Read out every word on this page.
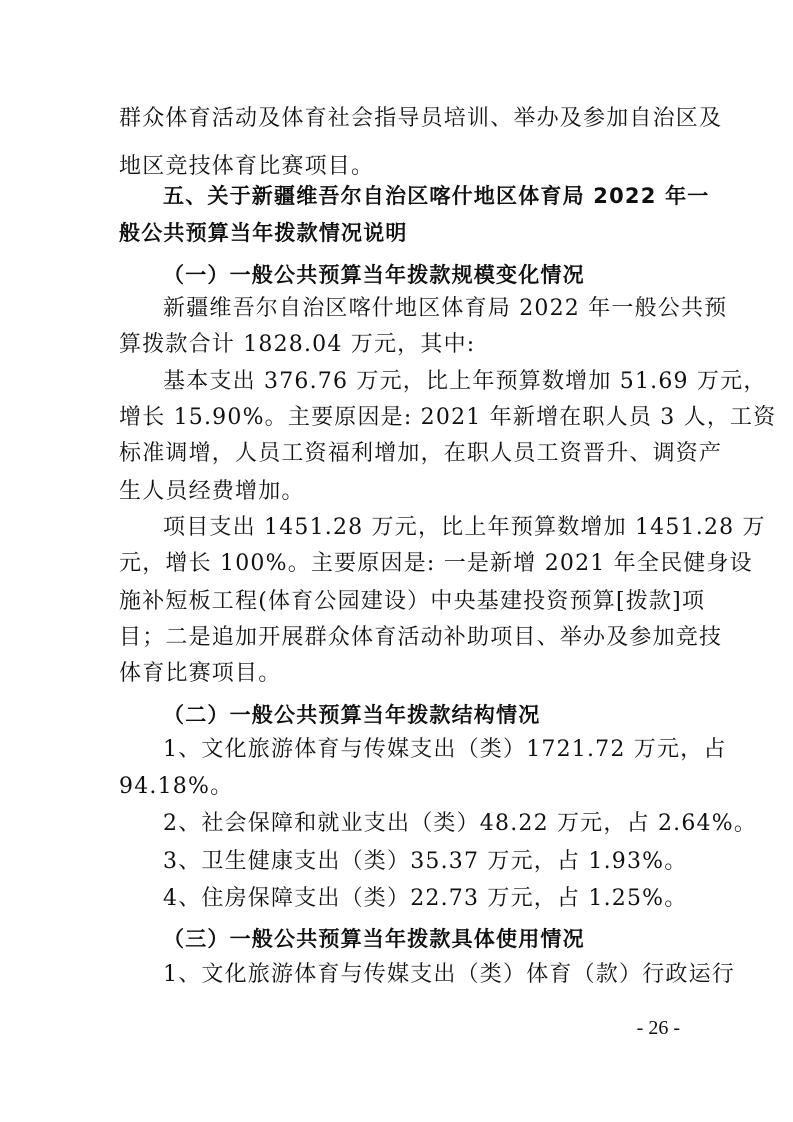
群众体育活动及体育社会指导员培训、举办及参加自治区及
地区竞技体育比赛项目。
五、关于新疆维吾尔自治区喀什地区体育局 2022 年一
般公共预算当年拨款情况说明
（一）一般公共预算当年拨款规模变化情况
新疆维吾尔自治区喀什地区体育局 2022 年一般公共预
算拨款合计 1828.04 万元，其中:
基本支出 376.76 万元，比上年预算数增加 51.69 万元，
增长 15.90%。主要原因是: 2021 年新增在职人员 3 人，工资
标准调增，人员工资福利增加，在职人员工资晋升、调资产
生人员经费增加。
项目支出 1451.28 万元，比上年预算数增加 1451.28 万
元，增长 100%。主要原因是: 一是新增 2021 年全民健身设
施补短板工程(体育公园建设）中央基建投资预算[拨款]项
目；二是追加开展群众体育活动补助项目、举办及参加竞技
体育比赛项目。
（二）一般公共预算当年拨款结构情况
1、文化旅游体育与传媒支出（类）1721.72 万元，占
94.18%。
2、社会保障和就业支出（类）48.22 万元，占 2.64%。
3、卫生健康支出（类）35.37 万元，占 1.93%。
4、住房保障支出（类）22.73 万元，占 1.25%。
（三）一般公共预算当年拨款具体使用情况
1、文化旅游体育与传媒支出（类）体育（款）行政运行
- 26 -
